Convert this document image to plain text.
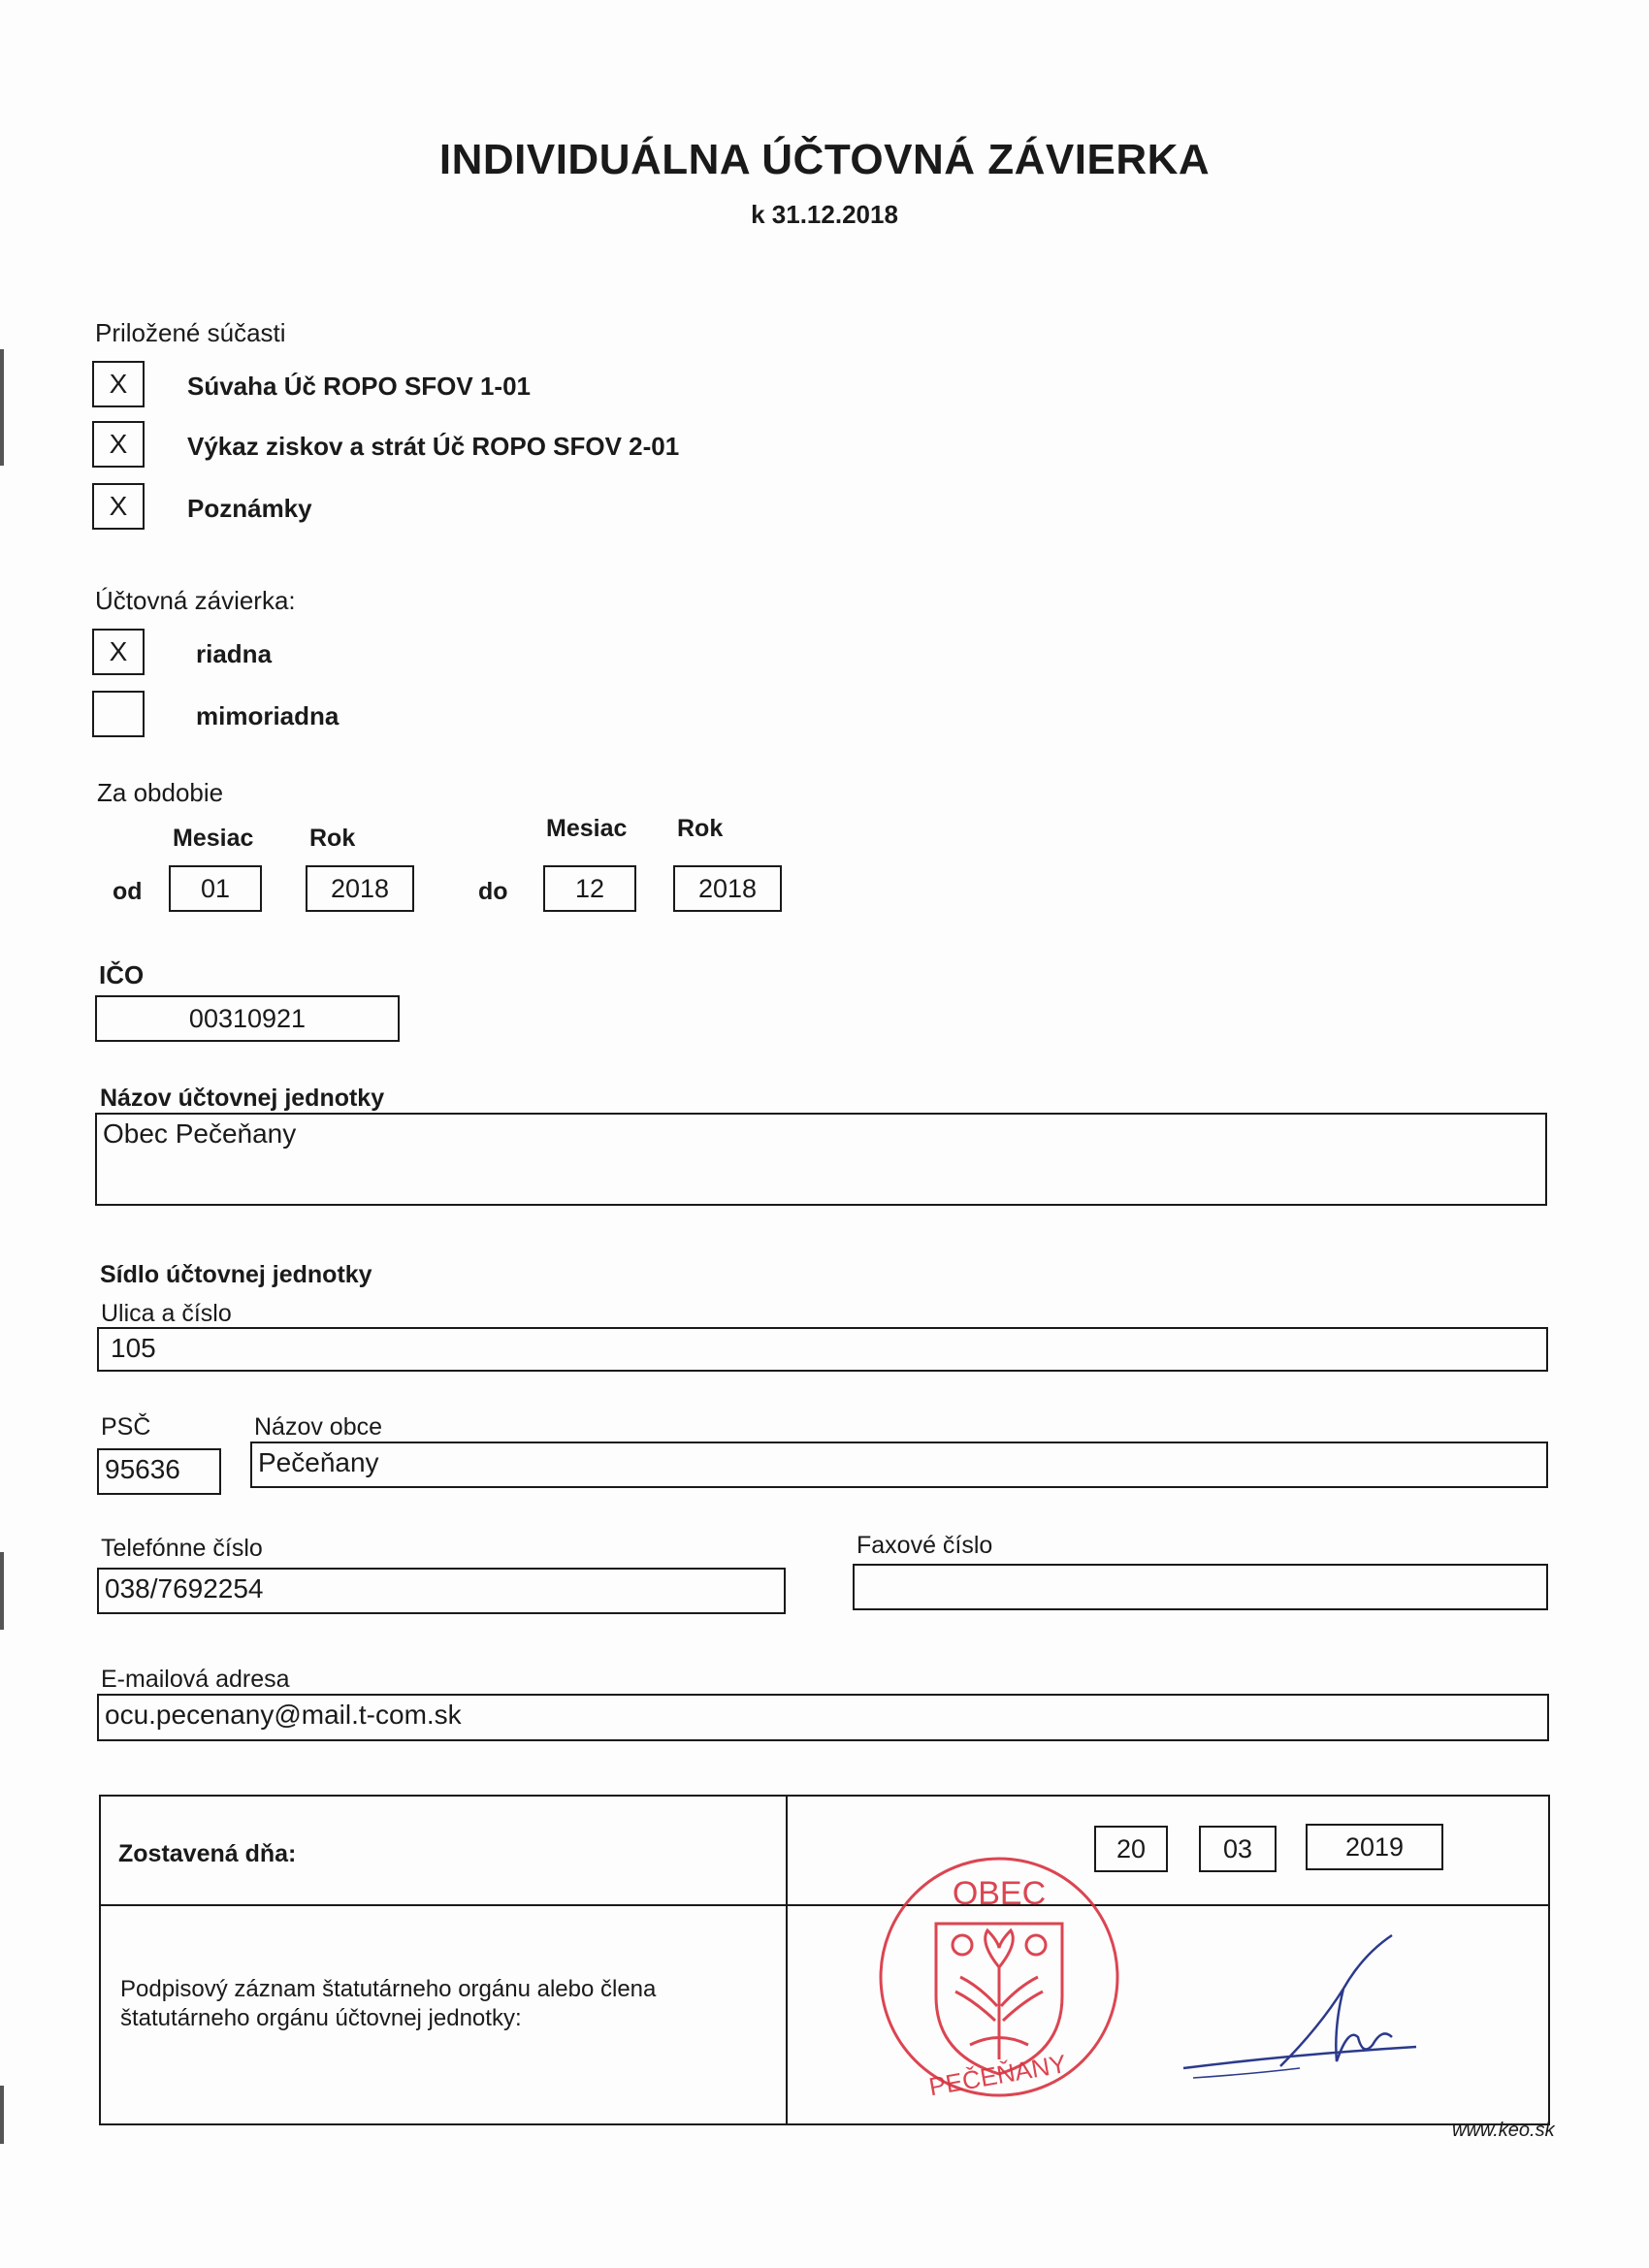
INDIVIDUÁLNA ÚČTOVNÁ ZÁVIERKA
k 31.12.2018
Priložené súčasti
X	Súvaha Úč ROPO SFOV 1-01
X	Výkaz ziskov a strát Úč ROPO SFOV 2-01
X	Poznámky
Účtovná závierka:
X	riadna
mimoriadna
Za obdobie
Mesiac Rok	Mesiac Rok
od	01	2018	do	12	2018
IČO
00310921
Názov účtovnej jednotky
Obec Pečeňany
Sídlo účtovnej jednotky
Ulica a číslo
105
PSČ
95636
Názov obce
Pečeňany
Telefónne číslo
038/7692254
Faxové číslo
E-mailová adresa
ocu.pecenany@mail.t-com.sk
Zostavená dňa:	20	03	2019
Podpisový záznam štatutárneho orgánu alebo člena
štatutárneho orgánu účtovnej jednotky:
OBEC
PEČEŇANY
www.keo.sk
